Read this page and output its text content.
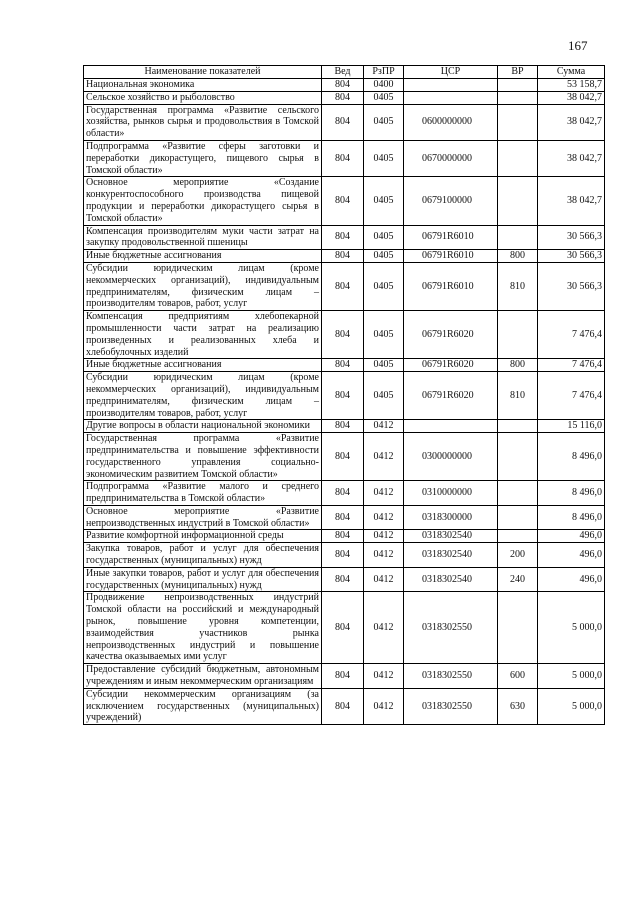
167
Наименование показателей	Вед	РзПР	ЦСР	ВР	Сумма
Национальная экономика	804	0400			53 158,7
Сельское хозяйство и рыболовство	804	0405			38 042,7
Государственная программа «Развитие сельского хозяйства, рынков сырья и продовольствия в Томской области»	804	0405	0600000000		38 042,7
Подпрограмма «Развитие сферы заготовки и переработки дикорастущего, пищевого сырья в Томской области»	804	0405	0670000000		38 042,7
Основное мероприятие «Создание конкурентоспособного производства пищевой продукции и переработки дикорастущего сырья в Томской области»	804	0405	0679100000		38 042,7
Компенсация производителям муки части затрат на закупку продовольственной пшеницы	804	0405	06791R6010		30 566,3
Иные бюджетные ассигнования	804	0405	06791R6010	800	30 566,3
Субсидии юридическим лицам (кроме некоммерческих организаций), индивидуальным предпринимателям, физическим лицам – производителям товаров, работ, услуг	804	0405	06791R6010	810	30 566,3
Компенсация предприятиям хлебопекарной промышленности части затрат на реализацию произведенных и реализованных хлеба и хлебобулочных изделий	804	0405	06791R6020		7 476,4
Иные бюджетные ассигнования	804	0405	06791R6020	800	7 476,4
Субсидии юридическим лицам (кроме некоммерческих организаций), индивидуальным предпринимателям, физическим лицам – производителям товаров, работ, услуг	804	0405	06791R6020	810	7 476,4
Другие вопросы в области национальной экономики	804	0412			15 116,0
Государственная программа «Развитие предпринимательства и повышение эффективности государственного управления социально-экономическим развитием Томской области»	804	0412	0300000000		8 496,0
Подпрограмма «Развитие малого и среднего предпринимательства в Томской области»	804	0412	0310000000		8 496,0
Основное мероприятие «Развитие непроизводственных индустрий в Томской области»	804	0412	0318300000		8 496,0
Развитие комфортной информационной среды	804	0412	0318302540		496,0
Закупка товаров, работ и услуг для обеспечения государственных (муниципальных) нужд	804	0412	0318302540	200	496,0
Иные закупки товаров, работ и услуг для обеспечения государственных (муниципальных) нужд	804	0412	0318302540	240	496,0
Продвижение непроизводственных индустрий Томской области на российский и международный рынок, повышение уровня компетенции, взаимодействия участников рынка непроизводственных индустрий и повышение качества оказываемых ими услуг	804	0412	0318302550		5 000,0
Предоставление субсидий бюджетным, автономным учреждениям и иным некоммерческим организациям	804	0412	0318302550	600	5 000,0
Субсидии некоммерческим организациям (за исключением государственных (муниципальных) учреждений)	804	0412	0318302550	630	5 000,0
